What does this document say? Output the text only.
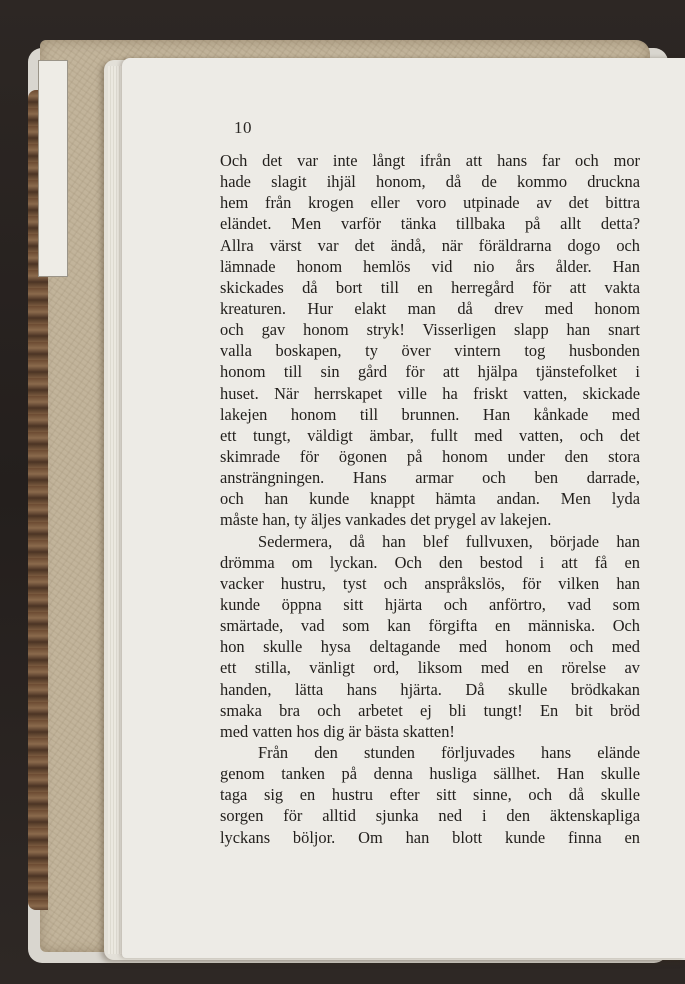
10
Och det var inte långt ifrån att hans far och mor
hade slagit ihjäl honom, då de kommo druckna
hem från krogen eller voro utpinade av det bittra
eländet. Men varför tänka tillbaka på allt detta?
Allra värst var det ändå, när föräldrarna dogo och
lämnade honom hemlös vid nio års ålder. Han
skickades då bort till en herregård för att vakta
kreaturen. Hur elakt man då drev med honom
och gav honom stryk! Visserligen slapp han snart
valla boskapen, ty över vintern tog husbonden
honom till sin gård för att hjälpa tjänstefolket i
huset. När herrskapet ville ha friskt vatten, skickade
lakejen honom till brunnen. Han kånkade med
ett tungt, väldigt ämbar, fullt med vatten, och det
skimrade för ögonen på honom under den stora
ansträngningen. Hans armar och ben darrade,
och han kunde knappt hämta andan. Men lyda
måste han, ty äljes vankades det prygel av lakejen.
Sedermera, då han blef fullvuxen, började han
drömma om lyckan. Och den bestod i att få en
vacker hustru, tyst och anspråkslös, för vilken han
kunde öppna sitt hjärta och anförtro, vad som
smärtade, vad som kan förgifta en människa. Och
hon skulle hysa deltagande med honom och med
ett stilla, vänligt ord, liksom med en rörelse av
handen, lätta hans hjärta. Då skulle brödkakan
smaka bra och arbetet ej bli tungt! En bit bröd
med vatten hos dig är bästa skatten!
Från den stunden förljuvades hans elände
genom tanken på denna husliga sällhet. Han skulle
taga sig en hustru efter sitt sinne, och då skulle
sorgen för alltid sjunka ned i den äktenskapliga
lyckans böljor. Om han blott kunde finna en
